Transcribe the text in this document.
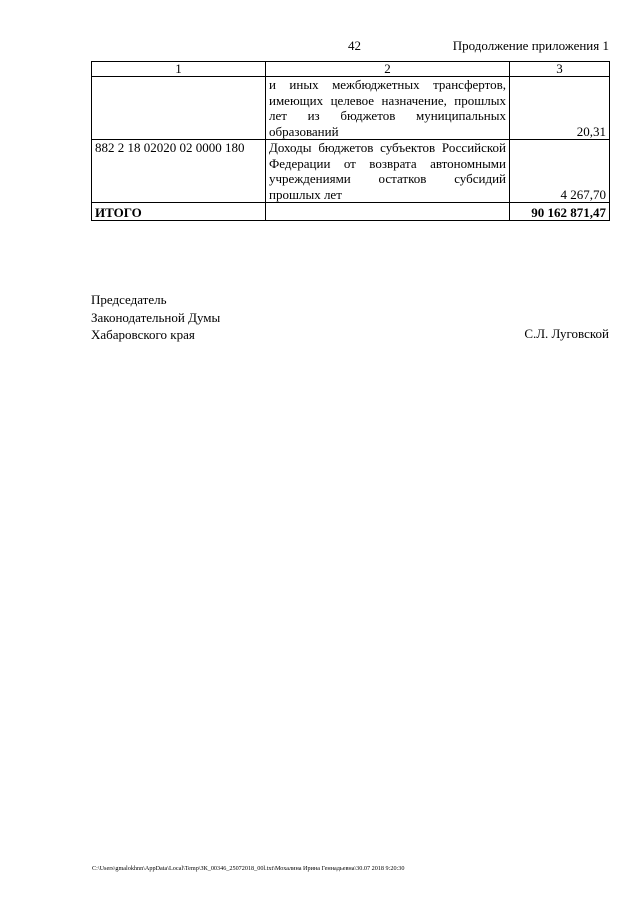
42	Продолжение приложения 1
1	2	3
	и иных межбюджетных трансфертов, имеющих целевое назначение, прошлых лет из бюджетов муниципальных образований	20,31
882 2 18 02020 02 0000 180	Доходы бюджетов субъектов Российской Федерации от возврата автономными учреждениями остатков субсидий прошлых лет	4 267,70
ИТОГО		90 162 871,47
Председатель
Законодательной Думы
Хабаровского края	С.Л. Луговской
C:\Users\gmalokhnn\AppData\Local\Temp\ЗК_00346_25072018_00l.txt\Мохалина Ирина Геннадьевна\30.07 2018 9:20:30
